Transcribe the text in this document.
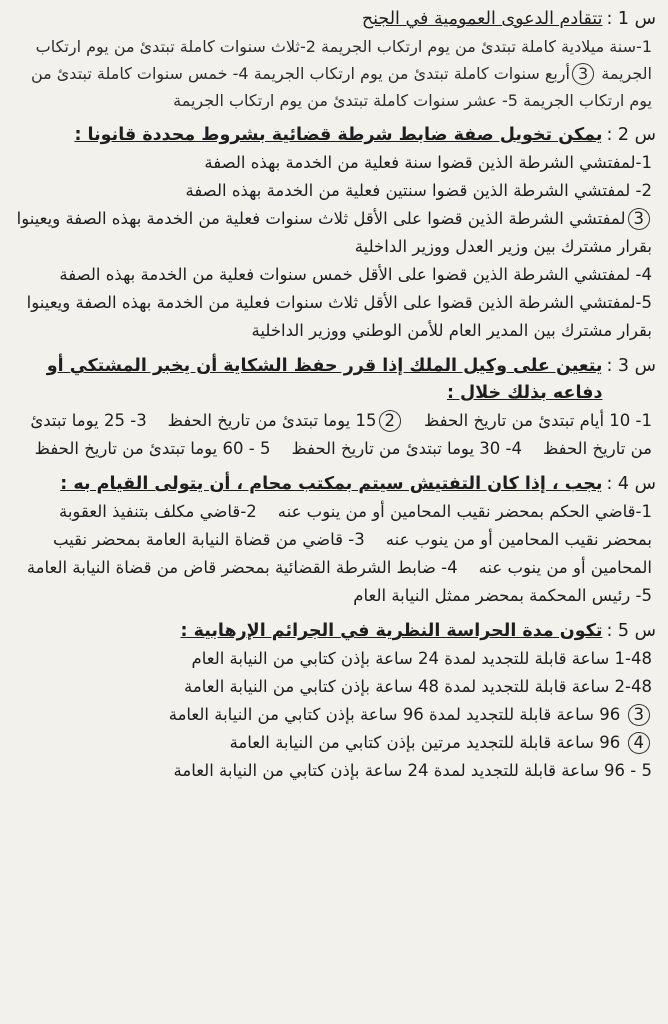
س 1 :
تتقادم الدعوى العمومية في الجنح
1-سنة ميلادية كاملة تبتدئ من يوم ارتكاب الجريمة 2-ثلاث سنوات كاملة تبتدئ من يوم ارتكاب الجريمة 3أربع سنوات كاملة تبتدئ من يوم ارتكاب الجريمة 4- خمس سنوات كاملة تبتدئ من يوم ارتكاب الجريمة 5- عشر سنوات كاملة تبتدئ من يوم ارتكاب الجريمة
س 2 :
يمكن تخويل صفة ضابط شرطة قضائية بشروط محددة قانونا :
1-لمفتشي الشرطة الذين قضوا سنة فعلية من الخدمة بهذه الصفة
2- لمفتشي الشرطة الذين قضوا سنتين فعلية من الخدمة بهذه الصفة
3لمفتشي الشرطة الذين قضوا على الأقل ثلاث سنوات فعلية من الخدمة بهذه الصفة ويعينوا بقرار مشترك بين وزير العدل ووزير الداخلية
4- لمفتشي الشرطة الذين قضوا على الأقل خمس سنوات فعلية من الخدمة بهذه الصفة
5-لمفتشي الشرطة الذين قضوا على الأقل ثلاث سنوات فعلية من الخدمة بهذه الصفة ويعينوا بقرار مشترك بين المدير العام للأمن الوطني ووزير الداخلية
س 3 :
يتعين على وكيل الملك إذا قرر حفظ الشكاية أن يخبر المشتكي أو دفاعه بذلك خلال :
1- 10 أيام تبتدئ من تاريخ الحفظ    215 يوما تبتدئ من تاريخ الحفظ    3- 25 يوما تبتدئ من تاريخ الحفظ    4- 30 يوما تبتدئ من تاريخ الحفظ    5 - 60 يوما تبتدئ من تاريخ الحفظ
س 4 :
يجب ، إذا كان التفتيش سيتم بمكتب محام ، أن يتولى القيام به :
1-قاضي الحكم بمحضر نقيب المحامين أو من ينوب عنه    2-قاضي مكلف بتنفيذ العقوبة بمحضر نقيب المحامين أو من ينوب عنه    3- قاضي من قضاة النيابة العامة بمحضر نقيب المحامين أو من ينوب عنه    4- ضابط الشرطة القضائية بمحضر قاض من قضاة النيابة العامة   5- رئيس المحكمة بمحضر ممثل النيابة العام
س 5 :
تكون مدة الحراسة النظرية في الجرائم الإرهابية :
1-48 ساعة قابلة للتجديد لمدة 24 ساعة بإذن كتابي من النيابة العام
2-48 ساعة قابلة للتجديد لمدة 48 ساعة بإذن كتابي من النيابة العامة
3 96 ساعة قابلة للتجديد لمدة 96 ساعة بإذن كتابي من النيابة العامة
4 96 ساعة قابلة للتجديد مرتين بإذن كتابي من النيابة العامة
5 - 96 ساعة قابلة للتجديد لمدة 24 ساعة بإذن كتابي من النيابة العامة
